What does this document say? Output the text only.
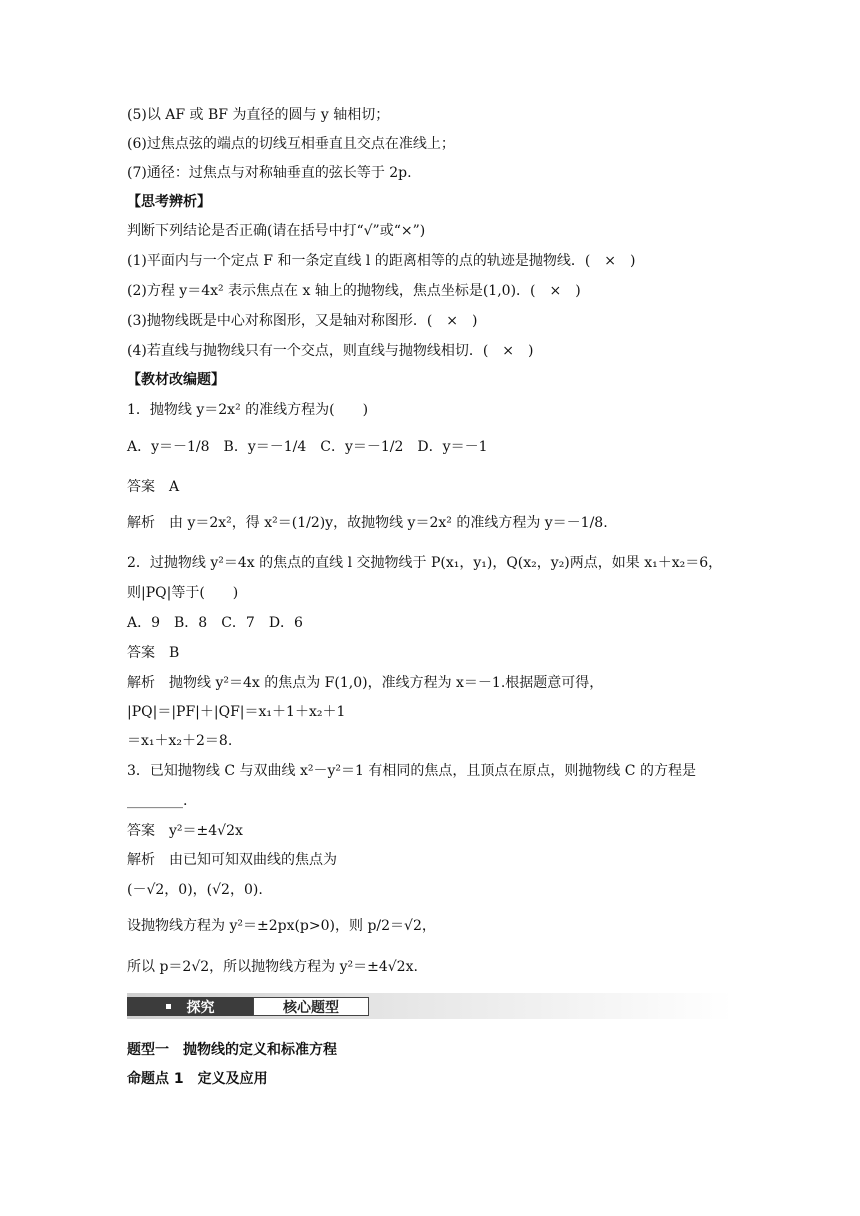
(5)以 AF 或 BF 为直径的圆与 y 轴相切；
(6)过焦点弦的端点的切线互相垂直且交点在准线上；
(7)通径：过焦点与对称轴垂直的弦长等于 2p.
【思考辨析】
判断下列结论是否正确(请在括号中打“√”或“×”)
(1)平面内与一个定点 F 和一条定直线 l 的距离相等的点的轨迹是抛物线．(　×　)
(2)方程 y＝4x² 表示焦点在 x 轴上的抛物线，焦点坐标是(1,0)．(　×　)
(3)抛物线既是中心对称图形，又是轴对称图形．(　×　)
(4)若直线与抛物线只有一个交点，则直线与抛物线相切．(　×　)
【教材改编题】
1．抛物线 y＝2x² 的准线方程为(　　)
A．y＝－1/8　B．y＝－1/4　C．y＝－1/2　D．y＝－1
答案　A
解析　由 y＝2x²，得 x²＝(1/2)y，故抛物线 y＝2x² 的准线方程为 y＝－1/8.
2．过抛物线 y²＝4x 的焦点的直线 l 交抛物线于 P(x₁，y₁)，Q(x₂，y₂)两点，如果 x₁＋x₂＝6，
则|PQ|等于(　　)
A．9　B．8　C．7　D．6
答案　B
解析　抛物线 y²＝4x 的焦点为 F(1,0)，准线方程为 x＝－1.根据题意可得，
|PQ|＝|PF|＋|QF|＝x₁＋1＋x₂＋1
＝x₁＋x₂＋2＝8.
3．已知抛物线 C 与双曲线 x²－y²＝1 有相同的焦点，且顶点在原点，则抛物线 C 的方程是
________.
答案　y²＝±4√2x
解析　由已知可知双曲线的焦点为
(－√2，0)，(√2，0).
设抛物线方程为 y²＝±2px(p>0)，则 p/2＝√2，
所以 p＝2√2，所以抛物线方程为 y²＝±4√2x.
探究	核心题型
题型一　抛物线的定义和标准方程
命题点 1　定义及应用
